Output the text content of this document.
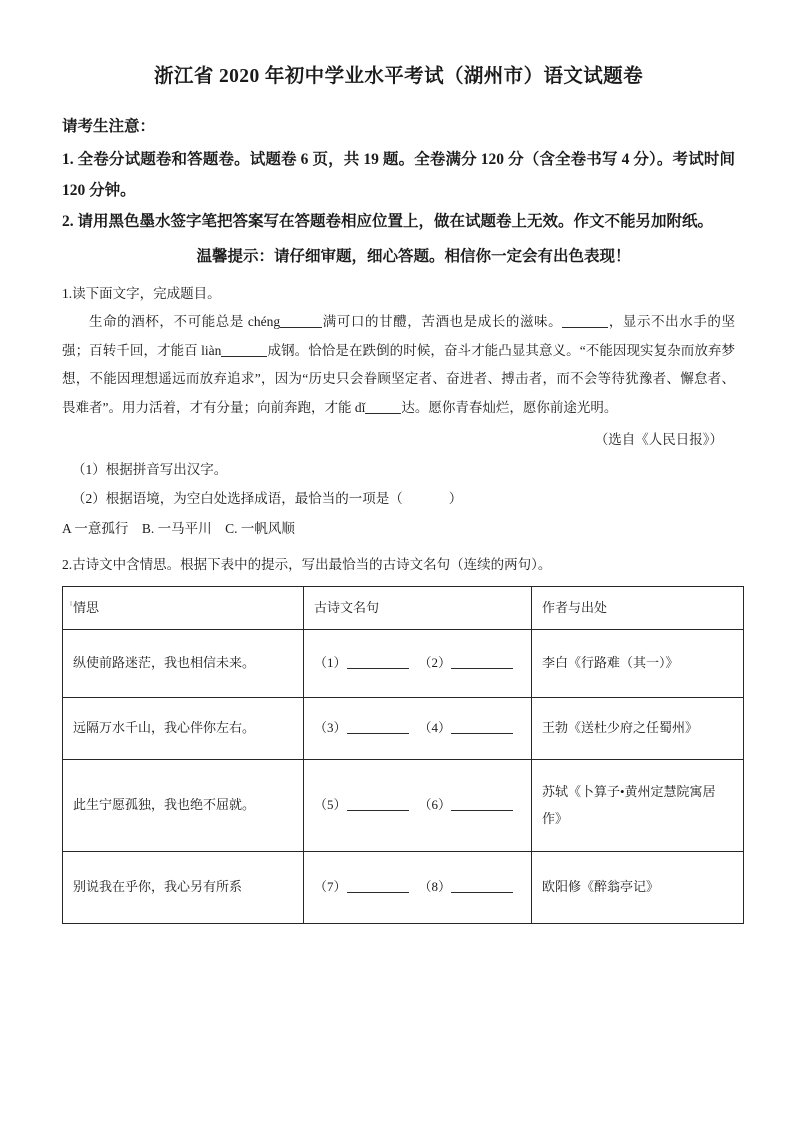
浙江省 2020 年初中学业水平考试（湖州市）语文试题卷
请考生注意：
1. 全卷分试题卷和答题卷。试题卷 6 页，共 19 题。全卷满分 120 分（含全卷书写 4 分）。考试时间 120 分钟。
2. 请用黑色墨水签字笔把答案写在答题卷相应位置上，做在试题卷上无效。作文不能另加附纸。
温馨提示：请仔细审题，细心答题。相信你一定会有出色表现！
1.读下面文字，完成题目。
生命的酒杯，不可能总是 chéng	满可口的甘醴，苦酒也是成长的滋味。	，显示不出水手的坚强；百转千回，才能百 liàn	成钢。恰恰是在跌倒的时候，奋斗才能凸显其意义。“不能因现实复杂而放弃梦想，不能因理想遥远而放弃追求”，因为“历史只会眷顾坚定者、奋进者、搏击者，而不会等待犹豫者、懈怠者、畏难者”。用力活着，才有分量；向前奔跑，才能 dǐ	达。愿你青春灿烂，愿你前途光明。
（选自《人民日报》）
（1）根据拼音写出汉字。
（2）根据语境，为空白处选择成语，最恰当的一项是（	）
A 一意孤行　B. 一马平川　C. 一帆风顺
2.古诗文中含情思。根据下表中的提示，写出最恰当的古诗文名句（连续的两句）。
情思	古诗文名句	作者与出处
纵使前路迷茫，我也相信未来。	（1） （2）	李白《行路难（其一）》
远隔万水千山，我心伴你左右。	（3） （4）	王勃《送杜少府之任蜀州》
此生宁愿孤独，我也绝不屈就。	（5） （6）	苏轼《卜算子•黄州定慧院寓居作》
别说我在乎你，我心另有所系	（7） （8）	欧阳修《醉翁亭记》
